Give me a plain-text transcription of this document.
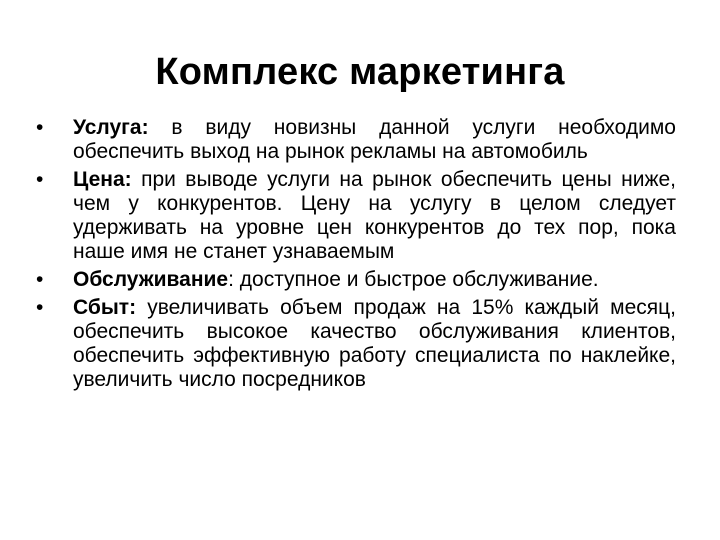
Комплекс маркетинга
•	Услуга: в виду новизны данной услуги необходимо обеспечить выход на рынок рекламы на автомобиль
•	Цена: при выводе услуги на рынок обеспечить цены ниже, чем у конкурентов. Цену на услугу в целом следует удерживать на уровне цен конкурентов до тех пор, пока наше имя не станет узнаваемым
•	Обслуживание: доступное и быстрое обслуживание.
•	Сбыт: увеличивать объем продаж на 15% каждый месяц, обеспечить высокое качество обслуживания клиентов, обеспечить эффективную работу специалиста по наклейке, увеличить число посредников
